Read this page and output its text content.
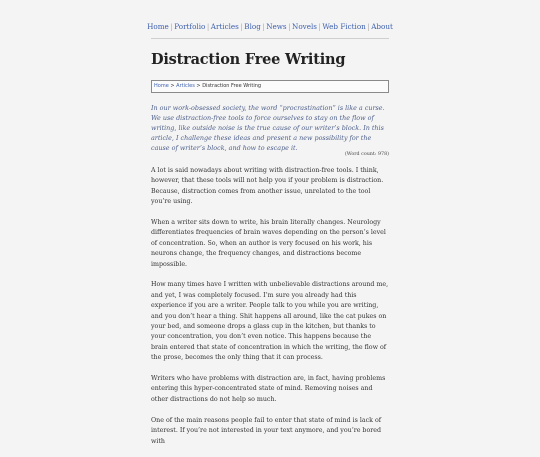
Home | Portfolio | Articles | Blog | News | Novels | Web Fiction | About
Distraction Free Writing
Home > Articles > Distraction Free Writing

In our work-obsessed society, the word “procrastination” is like a curse. We use distraction-free tools to force ourselves to stay on the flow of writing, like outside noise is the true cause of our writer’s block. In this article, I challenge these ideas and present a new possibility for the cause of writer’s block, and how to escape it.

(Word count: 978)

A lot is said nowadays about writing with distraction-free tools. I think, however, that these tools will not help you if your problem is distraction. Because, distraction comes from another issue, unrelated to the tool you’re using.

When a writer sits down to write, his brain literally changes. Neurology differentiates frequencies of brain waves depending on the person’s level of concentration. So, when an author is very focused on his work, his neurons change, the frequency changes, and distractions become impossible.

How many times have I written with unbelievable distractions around me, and yet, I was completely focused. I’m sure you already had this experience if you are a writer. People talk to you while you are writing, and you don’t hear a thing. Shit happens all around, like the cat pukes on your bed, and someone drops a glass cup in the kitchen, but thanks to your concentration, you don’t even notice. This happens because the brain entered that state of concentration in which the writing, the flow of the prose, becomes the only thing that it can process.

Writers who have problems with distraction are, in fact, having problems entering this hyper-concentrated state of mind. Removing noises and other distractions do not help so much.

One of the main reasons people fail to enter that state of mind is lack of interest. If you’re not interested in your text anymore, and you’re bored with
